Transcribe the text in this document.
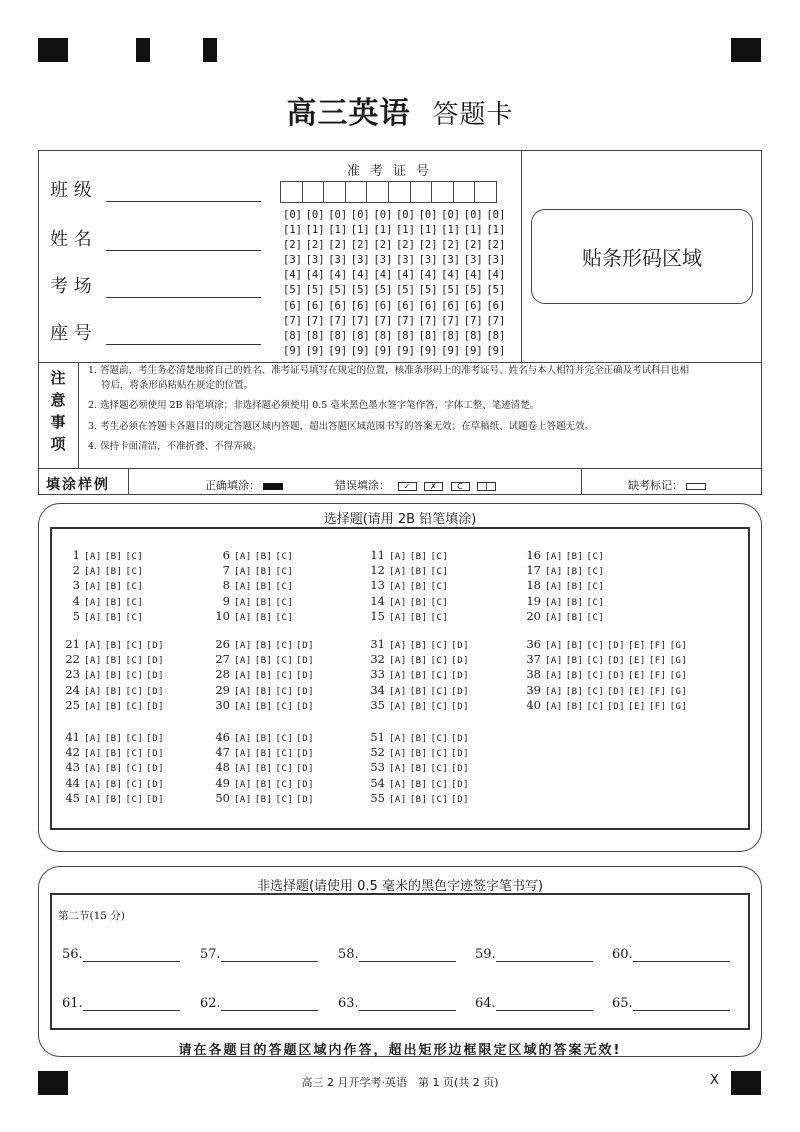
高三英语 答题卡
班 级
姓 名
考 场
座 号
准考证号
[0] [0] [0] [0] [0] [0] [0] [0] [0] [0]
[1] [1] [1] [1] [1] [1] [1] [1] [1] [1]
[2] [2] [2] [2] [2] [2] [2] [2] [2] [2]
[3] [3] [3] [3] [3] [3] [3] [3] [3] [3]
[4] [4] [4] [4] [4] [4] [4] [4] [4] [4]
[5] [5] [5] [5] [5] [5] [5] [5] [5] [5]
[6] [6] [6] [6] [6] [6] [6] [6] [6] [6]
[7] [7] [7] [7] [7] [7] [7] [7] [7] [7]
[8] [8] [8] [8] [8] [8] [8] [8] [8] [8]
[9] [9] [9] [9] [9] [9] [9] [9] [9] [9]
贴条形码区域
注
意
事
项

1. 答题前，考生务必清楚地将自己的姓名、准考证号填写在规定的位置，核准条形码上的准考证号、姓名与本人相符并完全正确及考试科目也相
符后，将条形码粘贴在规定的位置。

2. 选择题必须使用 2B 铅笔填涂；非选择题必须使用 0.5 毫米黑色墨水签字笔作答，字体工整、笔迹清楚。

3. 考生必须在答题卡各题目的规定答题区域内答题，超出答题区域范围书写的答案无效；在草稿纸、试题卷上答题无效。

4. 保持卡面清洁，不准折叠、不得弄破。

填涂样例	正确填涂：	错误填涂： ✓ ✗	C	|	缺考标记：
选择题(请用 2B 铅笔填涂)
1 [A] [B] [C]
2 [A] [B] [C]
3 [A] [B] [C]
4 [A] [B] [C]
5 [A] [B] [C]
6 [A] [B] [C]
7 [A] [B] [C]
8 [A] [B] [C]
9 [A] [B] [C]
10 [A] [B] [C]
11 [A] [B] [C]
12 [A] [B] [C]
13 [A] [B] [C]
14 [A] [B] [C]
15 [A] [B] [C]
16 [A] [B] [C]
17 [A] [B] [C]
18 [A] [B] [C]
19 [A] [B] [C]
20 [A] [B] [C]
21 [A] [B] [C] [D]
22 [A] [B] [C] [D]
23 [A] [B] [C] [D]
24 [A] [B] [C] [D]
25 [A] [B] [C] [D]
26 [A] [B] [C] [D]
27 [A] [B] [C] [D]
28 [A] [B] [C] [D]
29 [A] [B] [C] [D]
30 [A] [B] [C] [D]
31 [A] [B] [C] [D]
32 [A] [B] [C] [D]
33 [A] [B] [C] [D]
34 [A] [B] [C] [D]
35 [A] [B] [C] [D]
36 [A] [B] [C] [D] [E] [F] [G]
37 [A] [B] [C] [D] [E] [F] [G]
38 [A] [B] [C] [D] [E] [F] [G]
39 [A] [B] [C] [D] [E] [F] [G]
40 [A] [B] [C] [D] [E] [F] [G]
41 [A] [B] [C] [D]
42 [A] [B] [C] [D]
43 [A] [B] [C] [D]
44 [A] [B] [C] [D]
45 [A] [B] [C] [D]
46 [A] [B] [C] [D]
47 [A] [B] [C] [D]
48 [A] [B] [C] [D]
49 [A] [B] [C] [D]
50 [A] [B] [C] [D]
51 [A] [B] [C] [D]
52 [A] [B] [C] [D]
53 [A] [B] [C] [D]
54 [A] [B] [C] [D]
55 [A] [B] [C] [D]
非选择题(请使用 0.5 毫米的黑色字迹签字笔书写)
第二节(15 分)
56.	57.	58.	59.	60.
61.	62.	63.	64.	65.
请在各题目的答题区域内作答，超出矩形边框限定区域的答案无效!
高三 2 月开学考·英语　第 1 页(共 2 页)	X
